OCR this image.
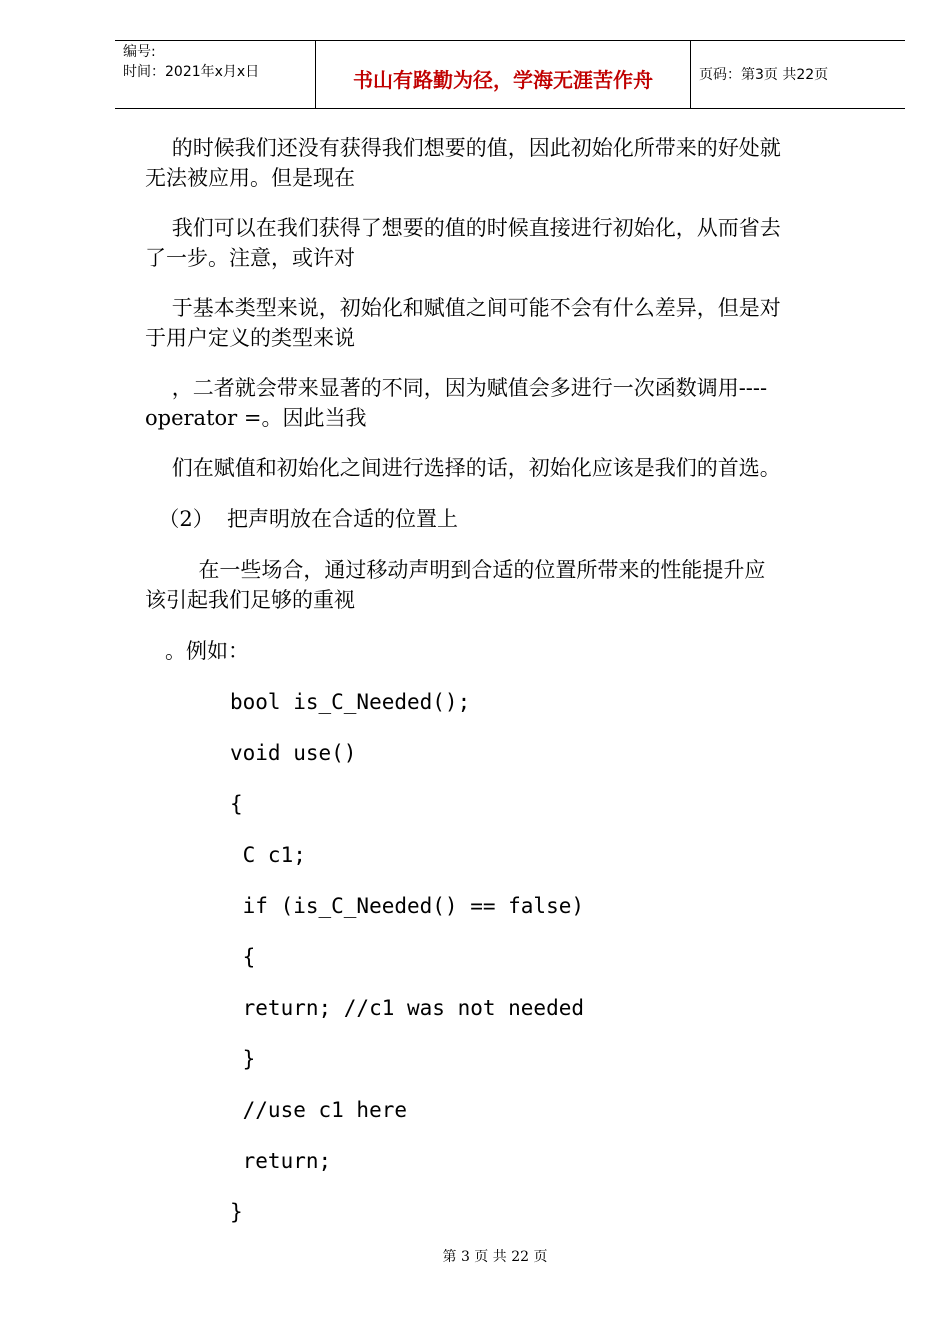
编号:
时间：2021年x月x日	书山有路勤为径，学海无涯苦作舟	页码：第3页 共22页

的时候我们还没有获得我们想要的值，因此初始化所带来的好处就
无法被应用。但是现在

我们可以在我们获得了想要的值的时候直接进行初始化，从而省去
了一步。注意，或许对

于基本类型来说，初始化和赋值之间可能不会有什么差异，但是对
于用户定义的类型来说

，二者就会带来显著的不同，因为赋值会多进行一次函数调用----
operator =。因此当我

们在赋值和初始化之间进行选择的话，初始化应该是我们的首选。

（2）  把声明放在合适的位置上

在一些场合，通过移动声明到合适的位置所带来的性能提升应
该引起我们足够的重视

。例如：

bool is_C_Needed();
void use()
{
C c1;
if (is_C_Needed() == false)
{
return; //c1 was not needed
}
//use c1 here
return;
}
第 3 页 共 22 页
